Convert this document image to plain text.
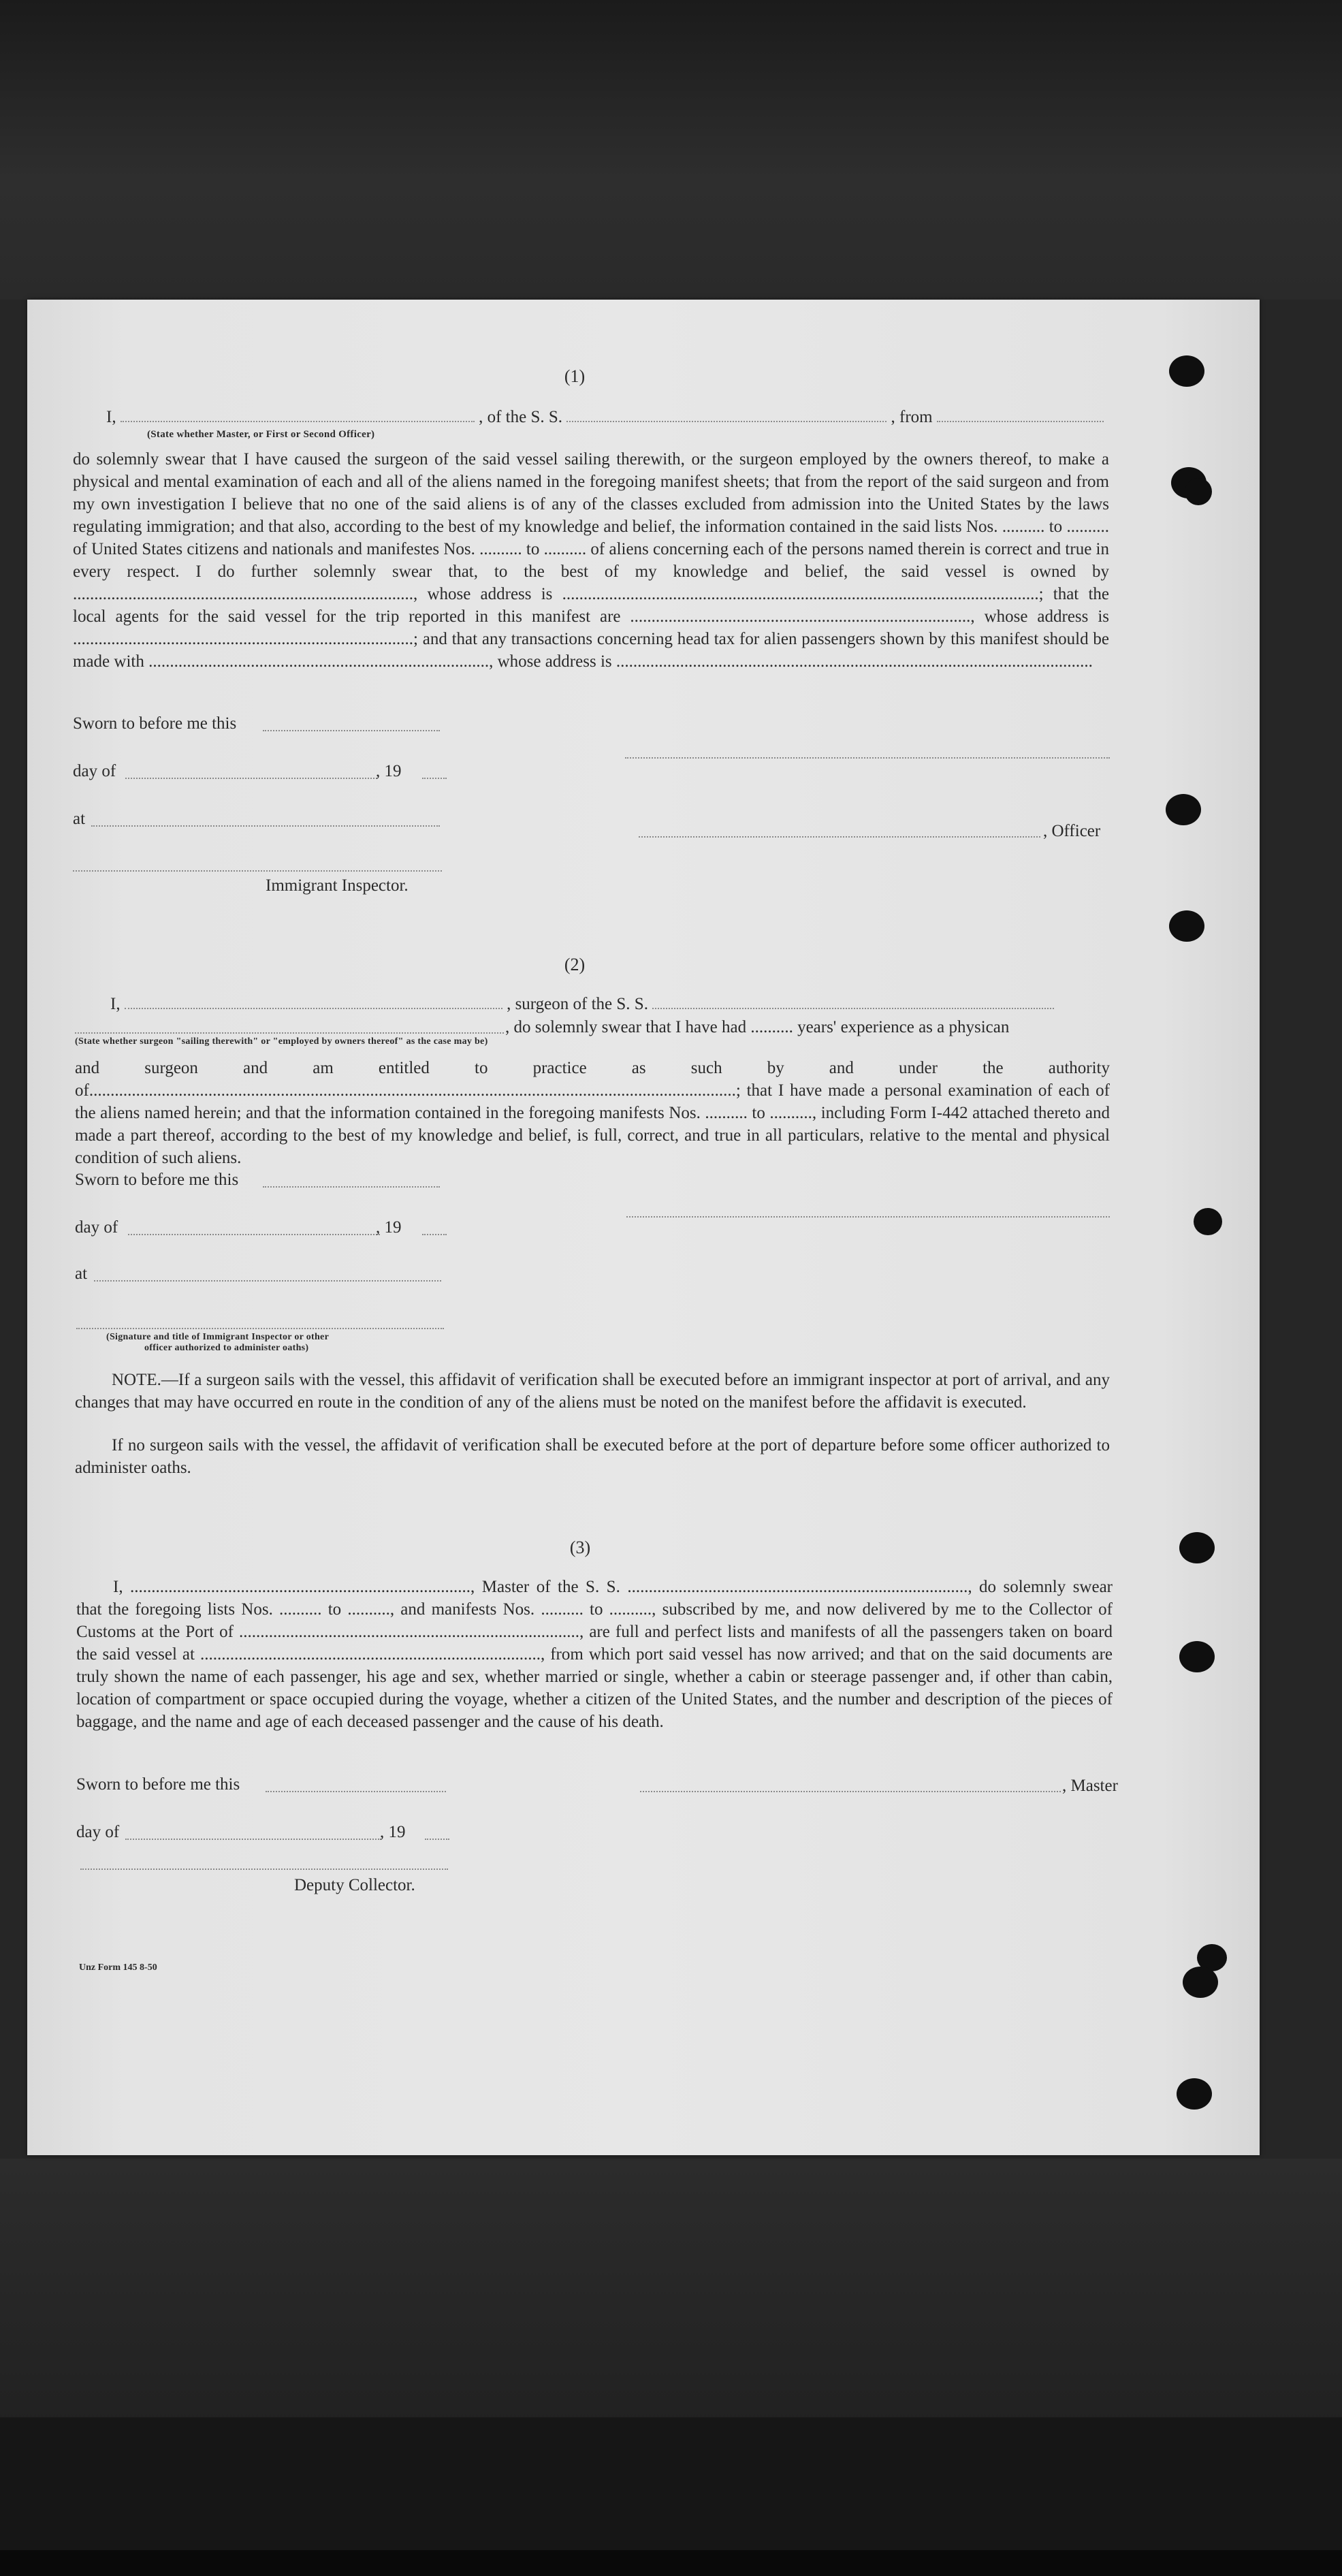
(1)
I,	, of the S. S.	, from
(State whether Master, or First or Second Officer)
do solemnly swear that I have caused the surgeon of the said vessel sailing therewith, or the surgeon employed by the owners thereof, to make a physical and mental examination of each and all of the aliens named in the foregoing manifest sheets; that from the report of the said surgeon and from my own investigation I believe that no one of the said aliens is of any of the classes excluded from admission into the United States by the laws regulating immigration; and that also, according to the best of my knowledge and belief, the information contained in the said lists Nos. .......... to .......... of United States citizens and nationals and manifestes Nos. .......... to .......... of aliens concerning each of the persons named therein is correct and true in every respect. I do further solemnly swear that, to the best of my knowledge and belief, the said vessel is owned by ................................................................................, whose address is ................................................................................................................; that the local agents for the said vessel for the trip reported in this manifest are ................................................................................, whose address is ................................................................................; and that any transactions concerning head tax for alien passengers shown by this manifest should be made with ................................................................................, whose address is ................................................................................................................
Sworn to before me this
day of	, 19
at
, Officer
Immigrant Inspector.
(2)
I,	, surgeon of the S. S.
, do solemnly swear that I have had .......... years' experience as a physican
(State whether surgeon "sailing therewith" or "employed by owners thereof" as the case may be)
and surgeon and am entitled to practice as such by and under the authority of........................................................................................................................................................; that I have made a personal examination of each of the aliens named herein; and that the information contained in the foregoing manifests Nos. .......... to .........., including Form I-442 attached thereto and made a part thereof, according to the best of my knowledge and belief, is full, correct, and true in all particulars, relative to the mental and physical condition of such aliens.
Sworn to before me this
day of	, 19
at
(Signature and title of Immigrant Inspector or other
officer authorized to administer oaths)
NOTE.—If a surgeon sails with the vessel, this affidavit of verification shall be executed before an immigrant inspector at port of arrival, and any changes that may have occurred en route in the condition of any of the aliens must be noted on the manifest before the affidavit is executed.
If no surgeon sails with the vessel, the affidavit of verification shall be executed before at the port of departure before some officer authorized to administer oaths.
(3)
I, ................................................................................, Master of the S. S. ................................................................................, do solemnly swear that the foregoing lists Nos. .......... to .........., and manifests Nos. .......... to .........., subscribed by me, and now delivered by me to the Collector of Customs at the Port of ................................................................................, are full and perfect lists and manifests of all the passengers taken on board the said vessel at ................................................................................, from which port said vessel has now arrived; and that on the said documents are truly shown the name of each passenger, his age and sex, whether married or single, whether a cabin or steerage passenger and, if other than cabin, location of compartment or space occupied during the voyage, whether a citizen of the United States, and the number and description of the pieces of baggage, and the name and age of each deceased passenger and the cause of his death.
Sworn to before me this	, Master
day of	, 19
Deputy Collector.
Unz Form 145 8-50
